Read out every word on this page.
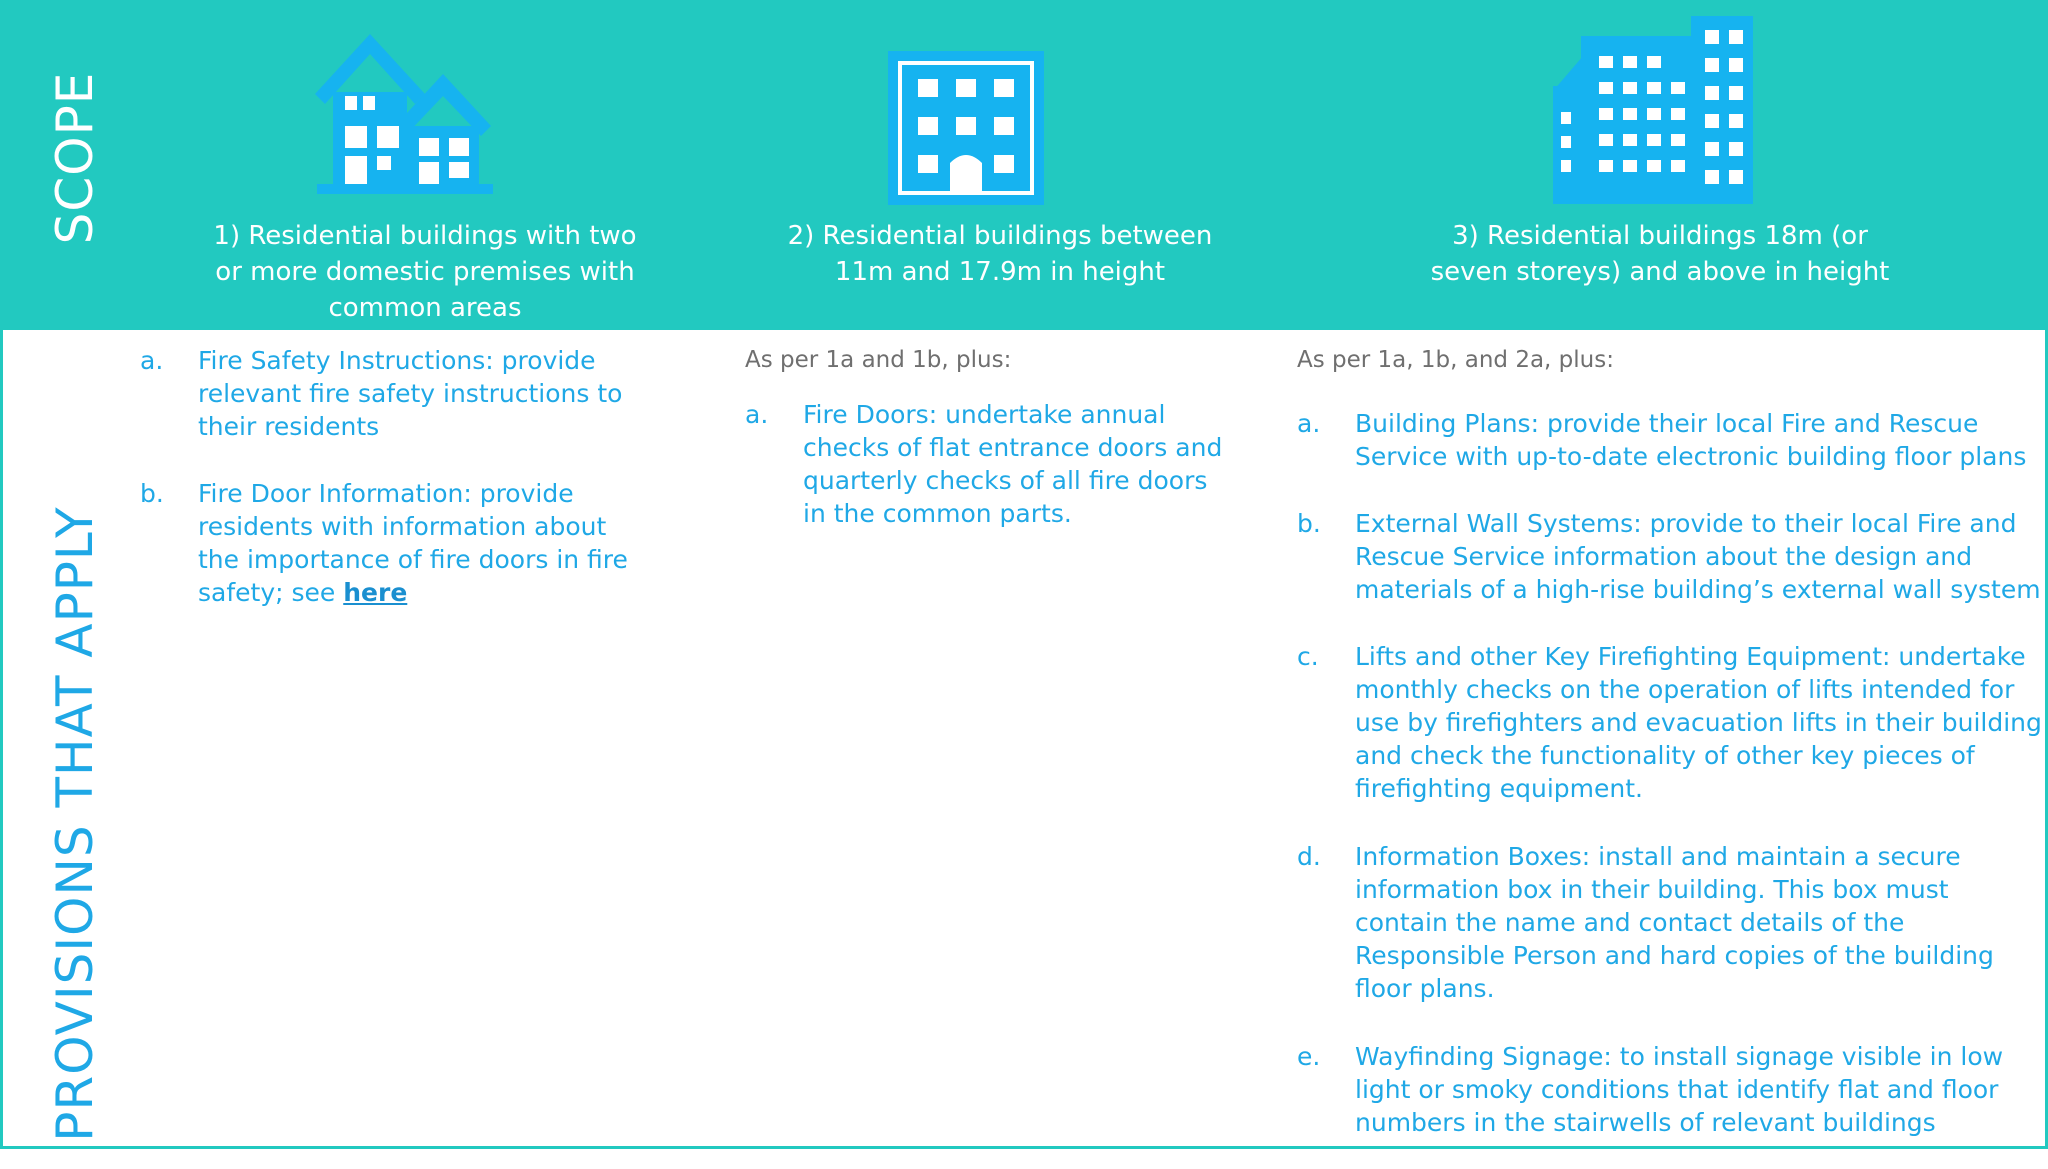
SCOPE
PROVISIONS THAT APPLY
1) Residential buildings with two or more domestic premises with common areas
2) Residential buildings between 11m and 17.9m in height
3) Residential buildings 18m (or seven storeys) and above in height
a. Fire Safety Instructions: provide relevant fire safety instructions to their residents
b. Fire Door Information: provide residents with information about the importance of fire doors in fire safety; see here
As per 1a and 1b, plus:
a. Fire Doors: undertake annual checks of flat entrance doors and quarterly checks of all fire doors in the common parts.
As per 1a, 1b, and 2a, plus:
a. Building Plans: provide their local Fire and Rescue Service with up-to-date electronic building floor plans
b. External Wall Systems: provide to their local Fire and Rescue Service information about the design and materials of a high-rise building’s external wall system
c. Lifts and other Key Firefighting Equipment: undertake monthly checks on the operation of lifts intended for use by firefighters and evacuation lifts in their building and check the functionality of other key pieces of firefighting equipment.
d. Information Boxes: install and maintain a secure information box in their building. This box must contain the name and contact details of the Responsible Person and hard copies of the building floor plans.
e. Wayfinding Signage: to install signage visible in low light or smoky conditions that identify flat and floor numbers in the stairwells of relevant buildings
